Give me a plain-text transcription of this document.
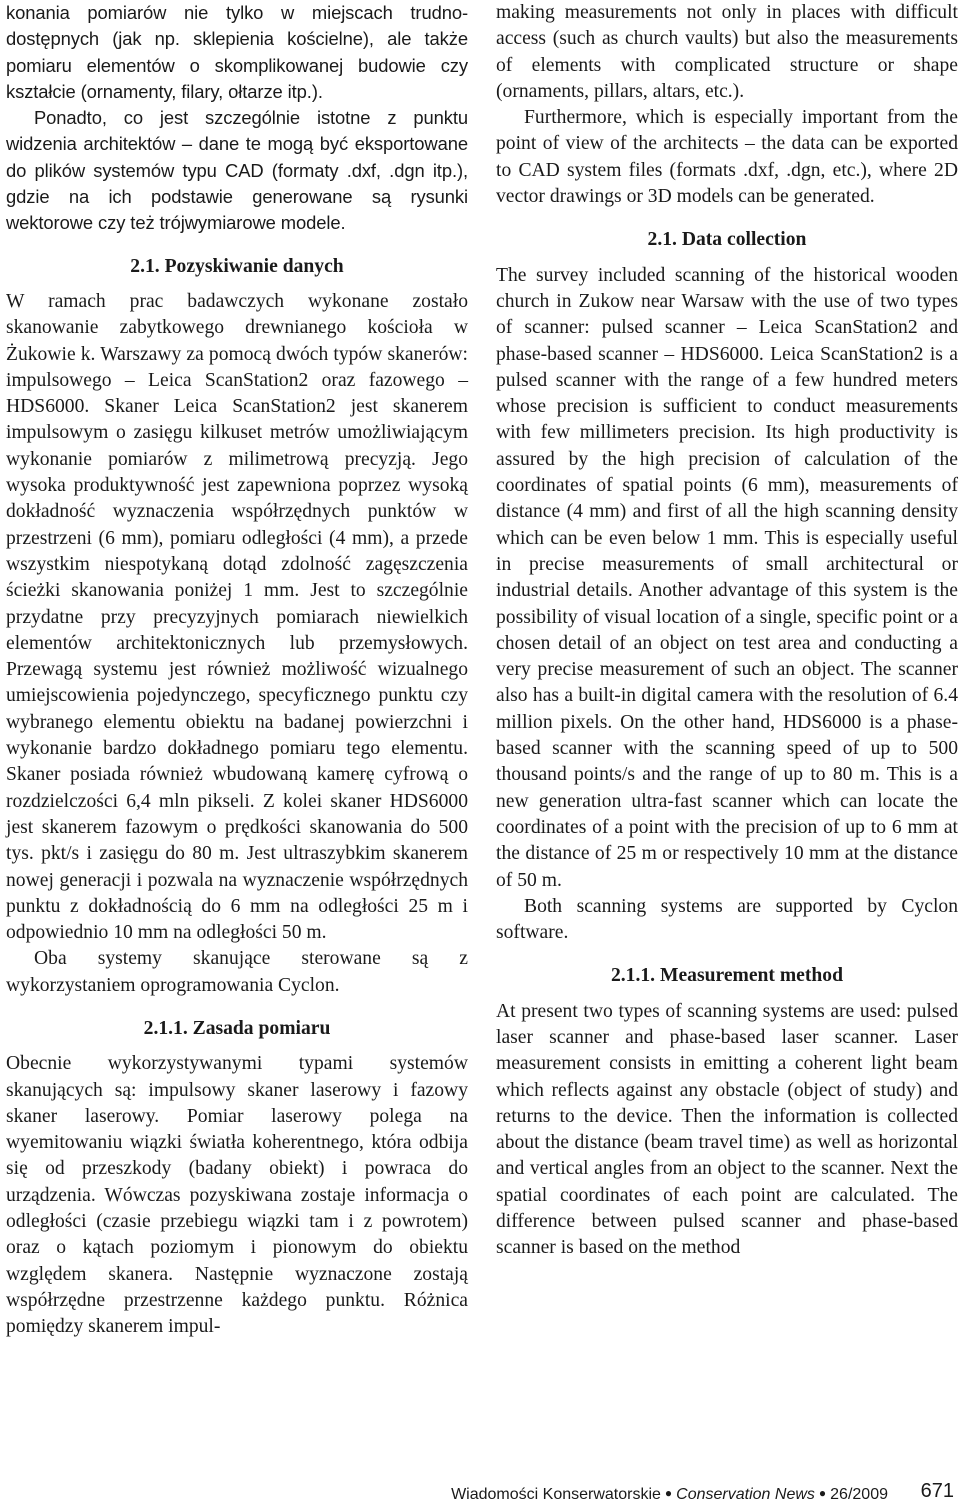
konania pomiarów nie tylko w miejscach trudno-dostępnych (jak np. sklepienia kościelne), ale także pomiaru elementów o skomplikowanej budowie czy kształcie (ornamenty, filary, ołtarze itp.).

Ponadto, co jest szczególnie istotne z punktu widzenia architektów – dane te mogą być eksportowane do plików systemów typu CAD (formaty .dxf, .dgn itp.), gdzie na ich podstawie generowane są rysunki wektorowe czy też trójwymiarowe modele.

2.1. Pozyskiwanie danych

W ramach prac badawczych wykonane zostało skanowanie zabytkowego drewnianego kościoła w Żukowie k. Warszawy za pomocą dwóch typów skanerów: impulsowego – Leica ScanStation2 oraz fazowego – HDS6000. Skaner Leica ScanStation2 jest skanerem impulsowym o zasięgu kilkuset metrów umożliwiającym wykonanie pomiarów z milimetrową precyzją. Jego wysoka produktywność jest zapewniona poprzez wysoką dokładność wyznaczenia współrzędnych punktów w przestrzeni (6 mm), pomiaru odległości (4 mm), a przede wszystkim niespotykaną dotąd zdolność zagęszczenia ścieżki skanowania poniżej 1 mm. Jest to szczególnie przydatne przy precyzyjnych pomiarach niewielkich elementów architektonicznych lub przemysłowych. Przewagą systemu jest również możliwość wizualnego umiejscowienia pojedynczego, specyficznego punktu czy wybranego elementu obiektu na badanej powierzchni i wykonanie bardzo dokładnego pomiaru tego elementu. Skaner posiada również wbudowaną kamerę cyfrową o rozdzielczości 6,4 mln pikseli. Z kolei skaner HDS6000 jest skanerem fazowym o prędkości skanowania do 500 tys. pkt/s i zasięgu do 80 m. Jest ultraszybkim skanerem nowej generacji i pozwala na wyznaczenie współrzędnych punktu z dokładnością do 6 mm na odległości 25 m i odpowiednio 10 mm na odległości 50 m.

Oba systemy skanujące sterowane są z wykorzystaniem oprogramowania Cyclon.

2.1.1. Zasada pomiaru

Obecnie wykorzystywanymi typami systemów skanujących są: impulsowy skaner laserowy i fazowy skaner laserowy. Pomiar laserowy polega na wyemitowaniu wiązki światła koherentnego, która odbija się od przeszkody (badany obiekt) i powraca do urządzenia. Wówczas pozyskiwana zostaje informacja o odległości (czasie przebiegu wiązki tam i z powrotem) oraz o kątach poziomym i pionowym do obiektu względem skanera. Następnie wyznaczone zostają współrzędne przestrzenne każdego punktu. Różnica pomiędzy skanerem impul-

making measurements not only in places with difficult access (such as church vaults) but also the measurements of elements with complicated structure or shape (ornaments, pillars, altars, etc.).

Furthermore, which is especially important from the point of view of the architects – the data can be exported to CAD system files (formats .dxf, .dgn, etc.), where 2D vector drawings or 3D models can be generated.

2.1. Data collection

The survey included scanning of the historical wooden church in Zukow near Warsaw with the use of two types of scanner: pulsed scanner – Leica ScanStation2 and phase-based scanner – HDS6000. Leica ScanStation2 is a pulsed scanner with the range of a few hundred meters whose precision is sufficient to conduct measurements with few millimeters precision. Its high productivity is assured by the high precision of calculation of the coordinates of spatial points (6 mm), measurements of distance (4 mm) and first of all the high scanning density which can be even below 1 mm. This is especially useful in precise measurements of small architectural or industrial details. Another advantage of this system is the possibility of visual location of a single, specific point or a chosen detail of an object on test area and conducting a very precise measurement of such an object. The scanner also has a built-in digital camera with the resolution of 6.4 million pixels. On the other hand, HDS6000 is a phase-based scanner with the scanning speed of up to 500 thousand points/s and the range of up to 80 m. This is a new generation ultra-fast scanner which can locate the coordinates of a point with the precision of up to 6 mm at the distance of 25 m or respectively 10 mm at the distance of 50 m.

Both scanning systems are supported by Cyclon software.

2.1.1. Measurement method

At present two types of scanning systems are used: pulsed laser scanner and phase-based laser scanner. Laser measurement consists in emitting a coherent light beam which reflects against any obstacle (object of study) and returns to the device. Then the information is collected about the distance (beam travel time) as well as horizontal and vertical angles from an object to the scanner. Next the spatial coordinates of each point are calculated. The difference between pulsed scanner and phase-based scanner is based on the method

Wiadomości Konserwatorskie ● Conservation News ● 26/2009 671
